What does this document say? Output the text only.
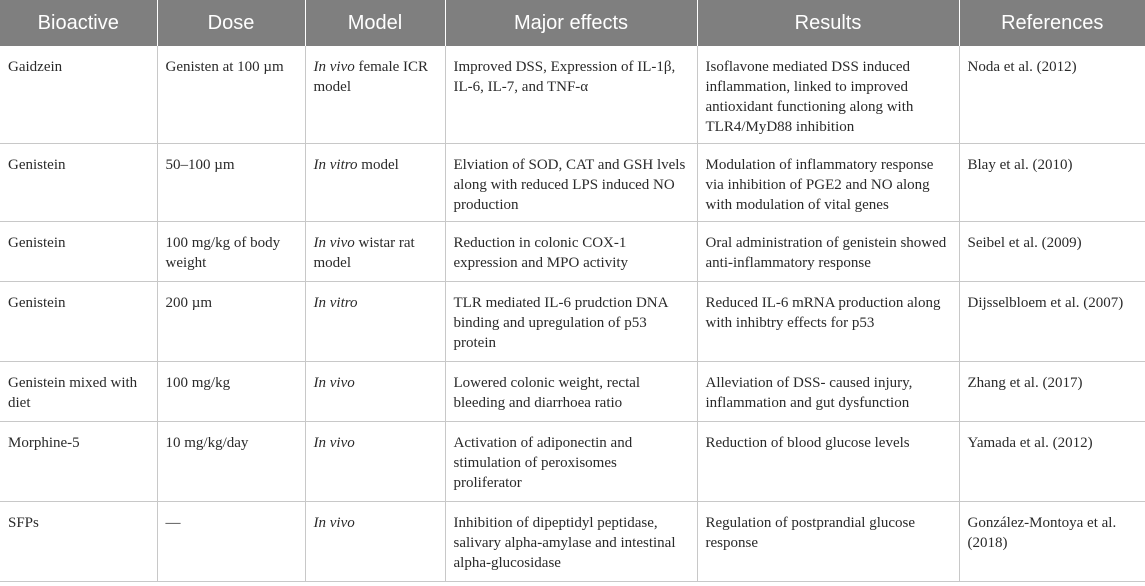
Bioactive	Dose	Model	Major effects	Results	References
Gaidzein	Genisten at 100 µm	In vivo female ICR model	Improved DSS, Expression of IL-1β, IL-6, IL-7, and TNF-α	Isoflavone mediated DSS induced inflammation, linked to improved antioxidant functioning along with TLR4/MyD88 inhibition	Noda et al. (2012)
Genistein	50–100 µm	In vitro model	Elviation of SOD, CAT and GSH lvels along with reduced LPS induced NO production	Modulation of inflammatory response via inhibition of PGE2 and NO along with modulation of vital genes	Blay et al. (2010)
Genistein	100 mg/kg of body weight	In vivo wistar rat model	Reduction in colonic COX-1 expression and MPO activity	Oral administration of genistein showed anti-inflammatory response	Seibel et al. (2009)
Genistein	200 µm	In vitro	TLR mediated IL-6 prudction DNA binding and upregulation of p53 protein	Reduced IL-6 mRNA production along with inhibtry effects for p53	Dijsselbloem et al. (2007)
Genistein mixed with diet	100 mg/kg	In vivo	Lowered colonic weight, rectal bleeding and diarrhoea ratio	Alleviation of DSS- caused injury, inflammation and gut dysfunction	Zhang et al. (2017)
Morphine-5	10 mg/kg/day	In vivo	Activation of adiponectin and stimulation of peroxisomes proliferator	Reduction of blood glucose levels	Yamada et al. (2012)
SFPs	—	In vivo	Inhibition of dipeptidyl peptidase, salivary alpha-amylase and intestinal alpha-glucosidase	Regulation of postprandial glucose response	González-Montoya et al. (2018)
